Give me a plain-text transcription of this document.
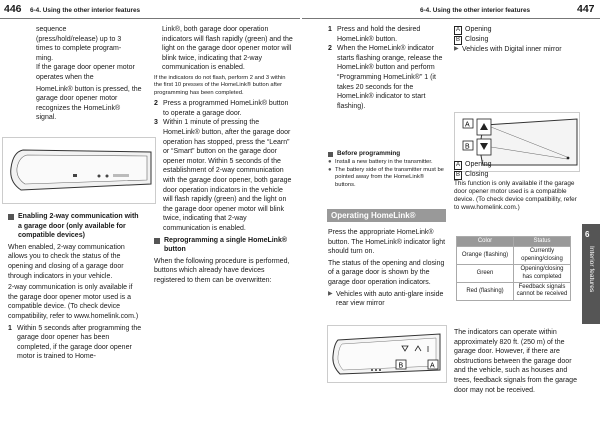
446 6-4. Using the other interior features	6-4. Using the other interior features	447
sequence
(press/hold/release) up to 3
times to complete program-
ming.

If the garage door opener motor operates when the

HomeLink® button is pressed, the garage door opener motor recognizes the HomeLink® signal.

Enabling 2-way communication with a garage door (only available for compatible devices)

When enabled, 2-way communication allows you to check the status of the opening and closing of a garage door through indicators in your vehicle.

2-way communication is only available if the garage door opener motor used is a compatible device. (To check device compatibility, refer to www.homelink.com.)

1 Within 5 seconds after programming the garage door opener has been completed, if the garage door opener motor is trained to Home-

Link®, both garage door operation indicators will flash rapidly (green) and the light on the garage door opener motor will blink twice, indicating that 2-way communication is enabled.

If the indicators do not flash, perform 2 and 3 within the first 10 presses of the HomeLink® button after programming has been completed.

2 Press a programmed HomeLink® button to operate a garage door.
3 Within 1 minute of pressing the HomeLink® button, after the garage door operation has stopped, press the “Learn” or “Smart” button on the garage door opener motor. Within 5 seconds of the establishment of 2-way communication with the garage door opener, both garage door operation indicators in the vehicle will flash rapidly (green) and the light on the garage door opener motor will blink twice, indicating that 2-way communication is enabled.
Reprogramming a single HomeLink® button

When the following procedure is performed, buttons which already have devices registered to them can be overwritten:

1 Press and hold the desired HomeLink® button.
2 When the HomeLink® indicator starts flashing orange, release the HomeLink® button and perform “Programming HomeLink®” 1 (it takes 20 seconds for the HomeLink® indicator to start flashing).
Before programming
● Install a new battery in the transmitter.
● The battery side of the transmitter must be pointed away from the HomeLink® buttons.
Operating HomeLink®

Press the appropriate HomeLink® button. The HomeLink® indicator light should turn on.

The status of the opening and closing of a garage door is shown by the garage door operation indicators.

▶ Vehicles with auto anti-glare inside rear view mirror
B	A
A Opening
B Closing
▶ Vehicles with Digital inner mirror
A
B
A Opening
B Closing

This function is only available if the garage door opener motor used is a compatible device. (To check device compatibility, refer to www.homelink.com.)

Color	Status
Orange (flashing)	Currently opening/closing
Green	Opening/closing has completed
Red (flashing)	Feedback signals cannot be received

The indicators can operate within approximately 820 ft. (250 m) of the garage door. However, if there are obstructions between the garage door and the vehicle, such as houses and trees, feedback signals from the garage door may not be received.

6
Interior features
